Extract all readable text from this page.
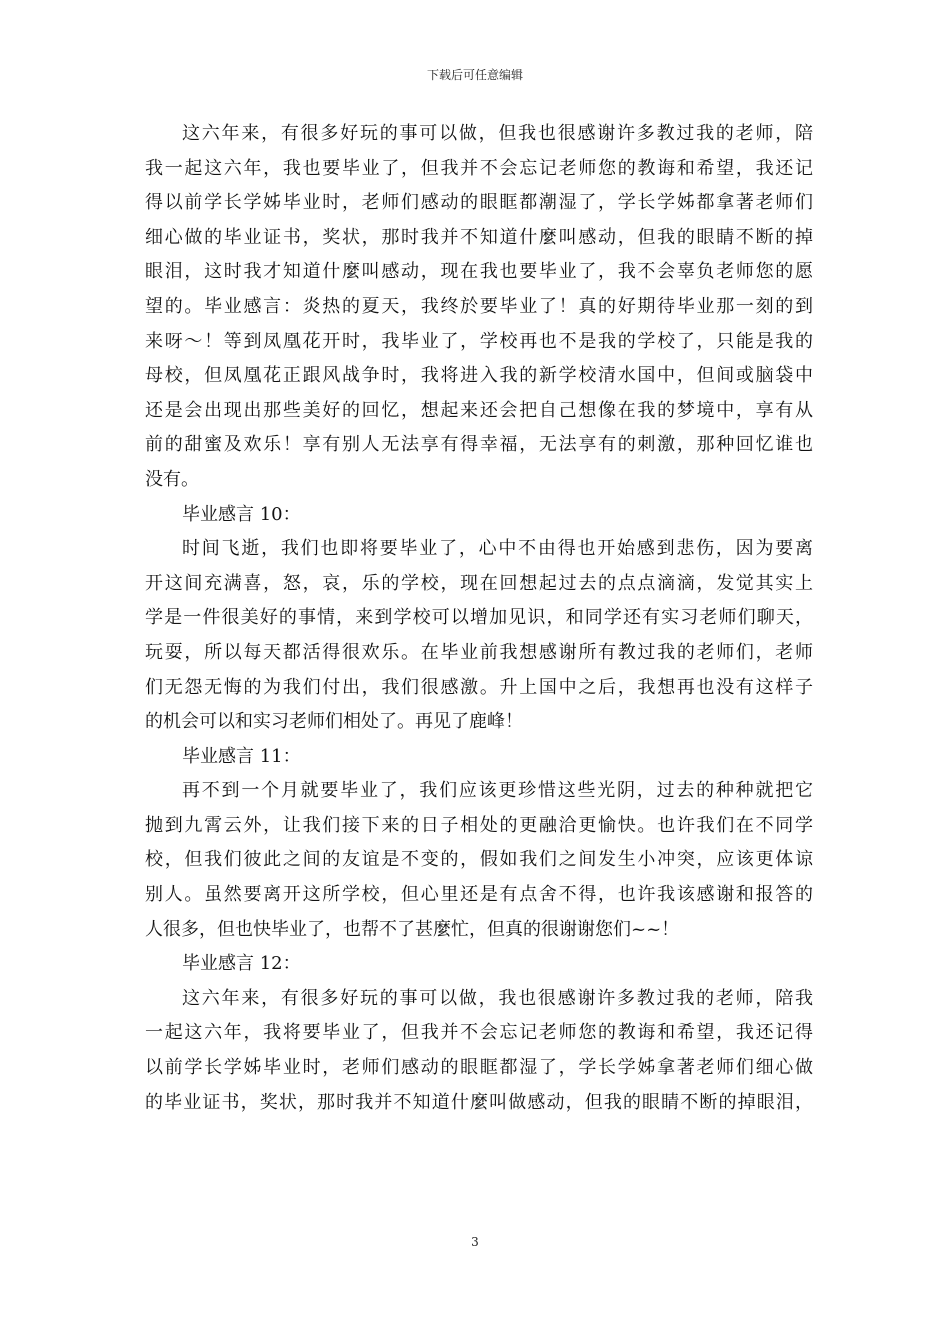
下载后可任意编辑
这六年来，有很多好玩的事可以做，但我也很感谢许多教过我的老师，陪
我一起这六年，我也要毕业了，但我并不会忘记老师您的教诲和希望，我还记
得以前学长学姊毕业时，老师们感动的眼眶都潮湿了，学长学姊都拿著老师们
细心做的毕业证书，奖状，那时我并不知道什麼叫感动，但我的眼睛不断的掉
眼泪，这时我才知道什麼叫感动，现在我也要毕业了，我不会辜负老师您的愿
望的。毕业感言：炎热的夏天，我终於要毕业了！真的好期待毕业那一刻的到
来呀～！等到凤凰花开时，我毕业了，学校再也不是我的学校了，只能是我的
母校，但凤凰花正跟风战争时，我将进入我的新学校清水国中，但间或脑袋中
还是会出现出那些美好的回忆，想起来还会把自己想像在我的梦境中，享有从
前的甜蜜及欢乐！享有别人无法享有得幸福，无法享有的刺激，那种回忆谁也
没有。
毕业感言 10：
时间飞逝，我们也即将要毕业了，心中不由得也开始感到悲伤，因为要离
开这间充满喜，怒，哀，乐的学校，现在回想起过去的点点滴滴，发觉其实上
学是一件很美好的事情，来到学校可以增加见识，和同学还有实习老师们聊天，
玩耍，所以每天都活得很欢乐。在毕业前我想感谢所有教过我的老师们，老师
们无怨无悔的为我们付出，我们很感激。升上国中之后，我想再也没有这样子
的机会可以和实习老师们相处了。再见了鹿峰！
毕业感言 11：
再不到一个月就要毕业了，我们应该更珍惜这些光阴，过去的种种就把它
抛到九霄云外，让我们接下来的日子相处的更融洽更愉快。也许我们在不同学
校，但我们彼此之间的友谊是不变的，假如我们之间发生小冲突，应该更体谅
别人。虽然要离开这所学校，但心里还是有点舍不得，也许我该感谢和报答的
人很多，但也快毕业了，也帮不了甚麼忙，但真的很谢谢您们~~！
毕业感言 12：
这六年来，有很多好玩的事可以做，我也很感谢许多教过我的老师，陪我
一起这六年，我将要毕业了，但我并不会忘记老师您的教诲和希望，我还记得
以前学长学姊毕业时，老师们感动的眼眶都湿了，学长学姊拿著老师们细心做
的毕业证书，奖状，那时我并不知道什麼叫做感动，但我的眼睛不断的掉眼泪，
3
